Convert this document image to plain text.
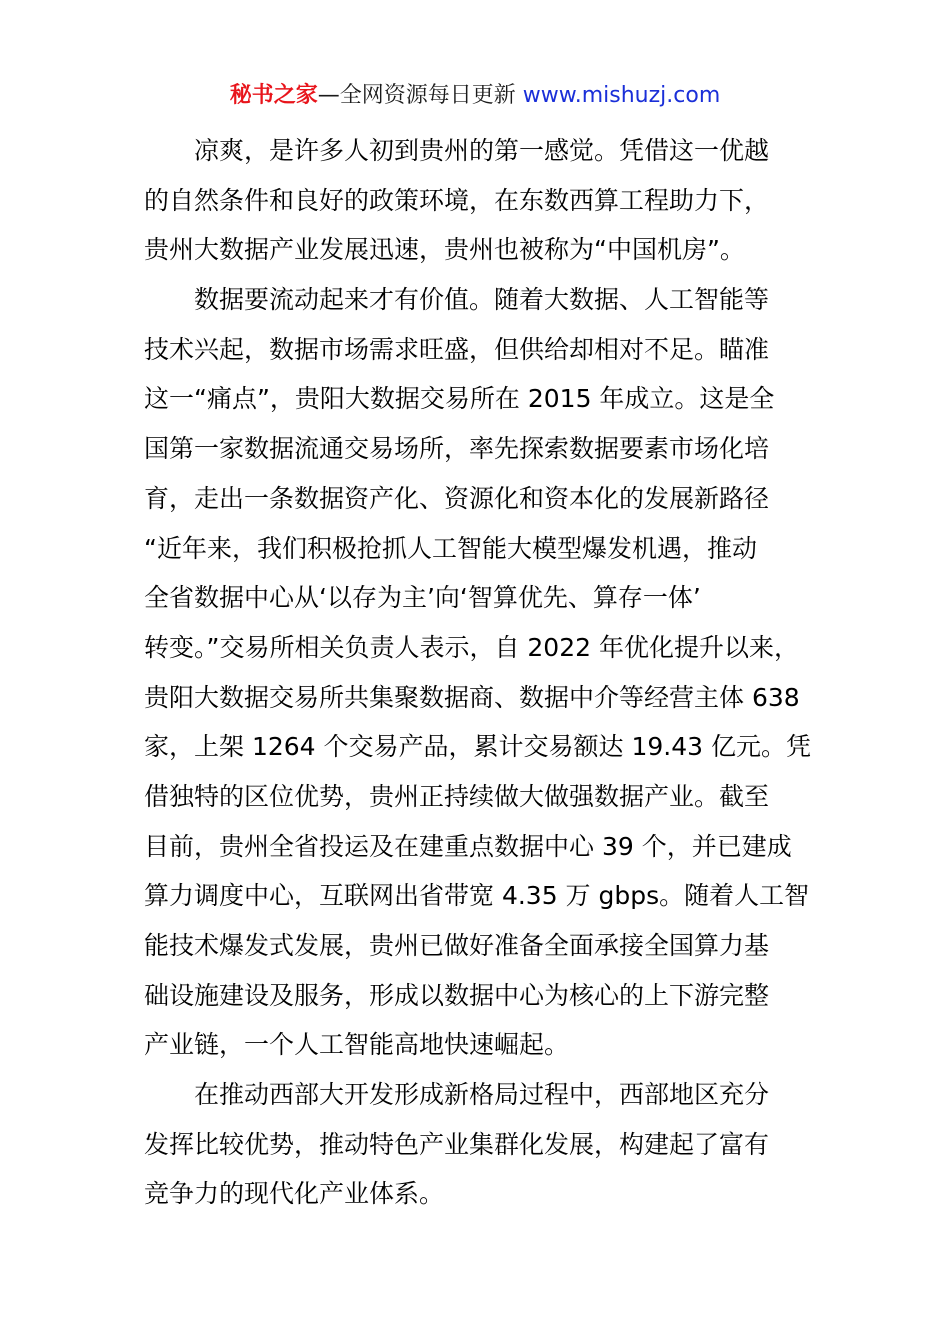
秘书之家—全网资源每日更新 www.mishuzj.com
凉爽，是许多人初到贵州的第一感觉。凭借这一优越
的自然条件和良好的政策环境，在东数西算工程助力下，
贵州大数据产业发展迅速，贵州也被称为“中国机房”。
数据要流动起来才有价值。随着大数据、人工智能等
技术兴起，数据市场需求旺盛，但供给却相对不足。瞄准
这一“痛点”，贵阳大数据交易所在 2015 年成立。这是全
国第一家数据流通交易场所，率先探索数据要素市场化培
育，走出一条数据资产化、资源化和资本化的发展新路径
“近年来，我们积极抢抓人工智能大模型爆发机遇，推动
全省数据中心从‘以存为主’向‘智算优先、算存一体’
转变。”交易所相关负责人表示，自 2022 年优化提升以来，
贵阳大数据交易所共集聚数据商、数据中介等经营主体 638
家，上架 1264 个交易产品，累计交易额达 19.43 亿元。凭
借独特的区位优势，贵州正持续做大做强数据产业。截至
目前，贵州全省投运及在建重点数据中心 39 个，并已建成
算力调度中心，互联网出省带宽 4.35 万 gbps。随着人工智
能技术爆发式发展，贵州已做好准备全面承接全国算力基
础设施建设及服务，形成以数据中心为核心的上下游完整
产业链，一个人工智能高地快速崛起。
在推动西部大开发形成新格局过程中，西部地区充分
发挥比较优势，推动特色产业集群化发展，构建起了富有
竞争力的现代化产业体系。
